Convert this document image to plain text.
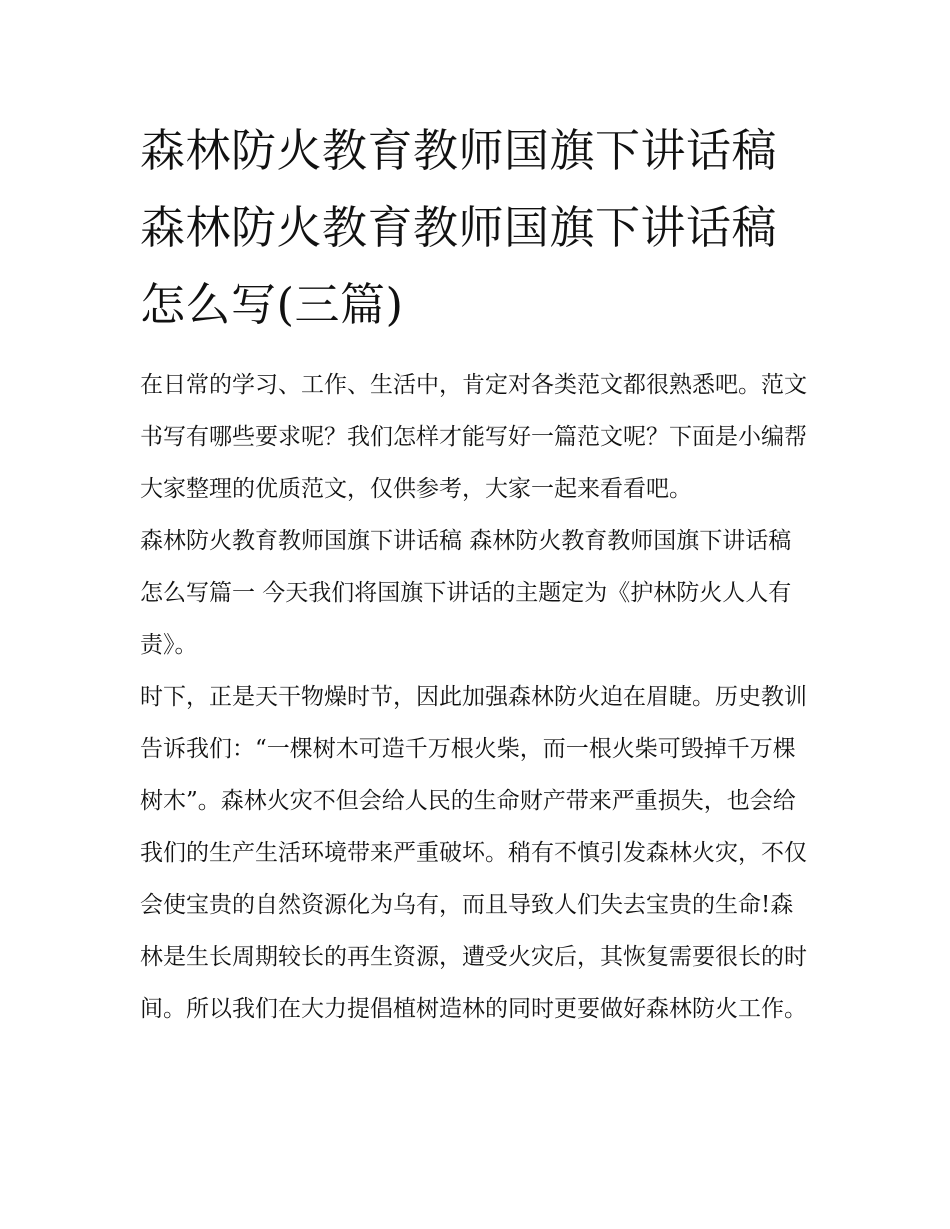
森林防火教育教师国旗下讲话稿 森林防火教育教师国旗下讲话稿怎么写(三篇)

在日常的学习、工作、生活中，肯定对各类范文都很熟悉吧。范文书写有哪些要求呢？我们怎样才能写好一篇范文呢？下面是小编帮大家整理的优质范文，仅供参考，大家一起来看看吧。

森林防火教育教师国旗下讲话稿 森林防火教育教师国旗下讲话稿怎么写篇一 今天我们将国旗下讲话的主题定为《护林防火人人有责》。

时下，正是天干物燥时节，因此加强森林防火迫在眉睫。历史教训告诉我们：“一棵树木可造千万根火柴，而一根火柴可毁掉千万棵树木”。森林火灾不但会给人民的生命财产带来严重损失，也会给我们的生产生活环境带来严重破坏。稍有不慎引发森林火灾，不仅会使宝贵的自然资源化为乌有，而且导致人们失去宝贵的生命!森林是生长周期较长的再生资源，遭受火灾后，其恢复需要很长的时间。所以我们在大力提倡植树造林的同时更要做好森林防火工作。
